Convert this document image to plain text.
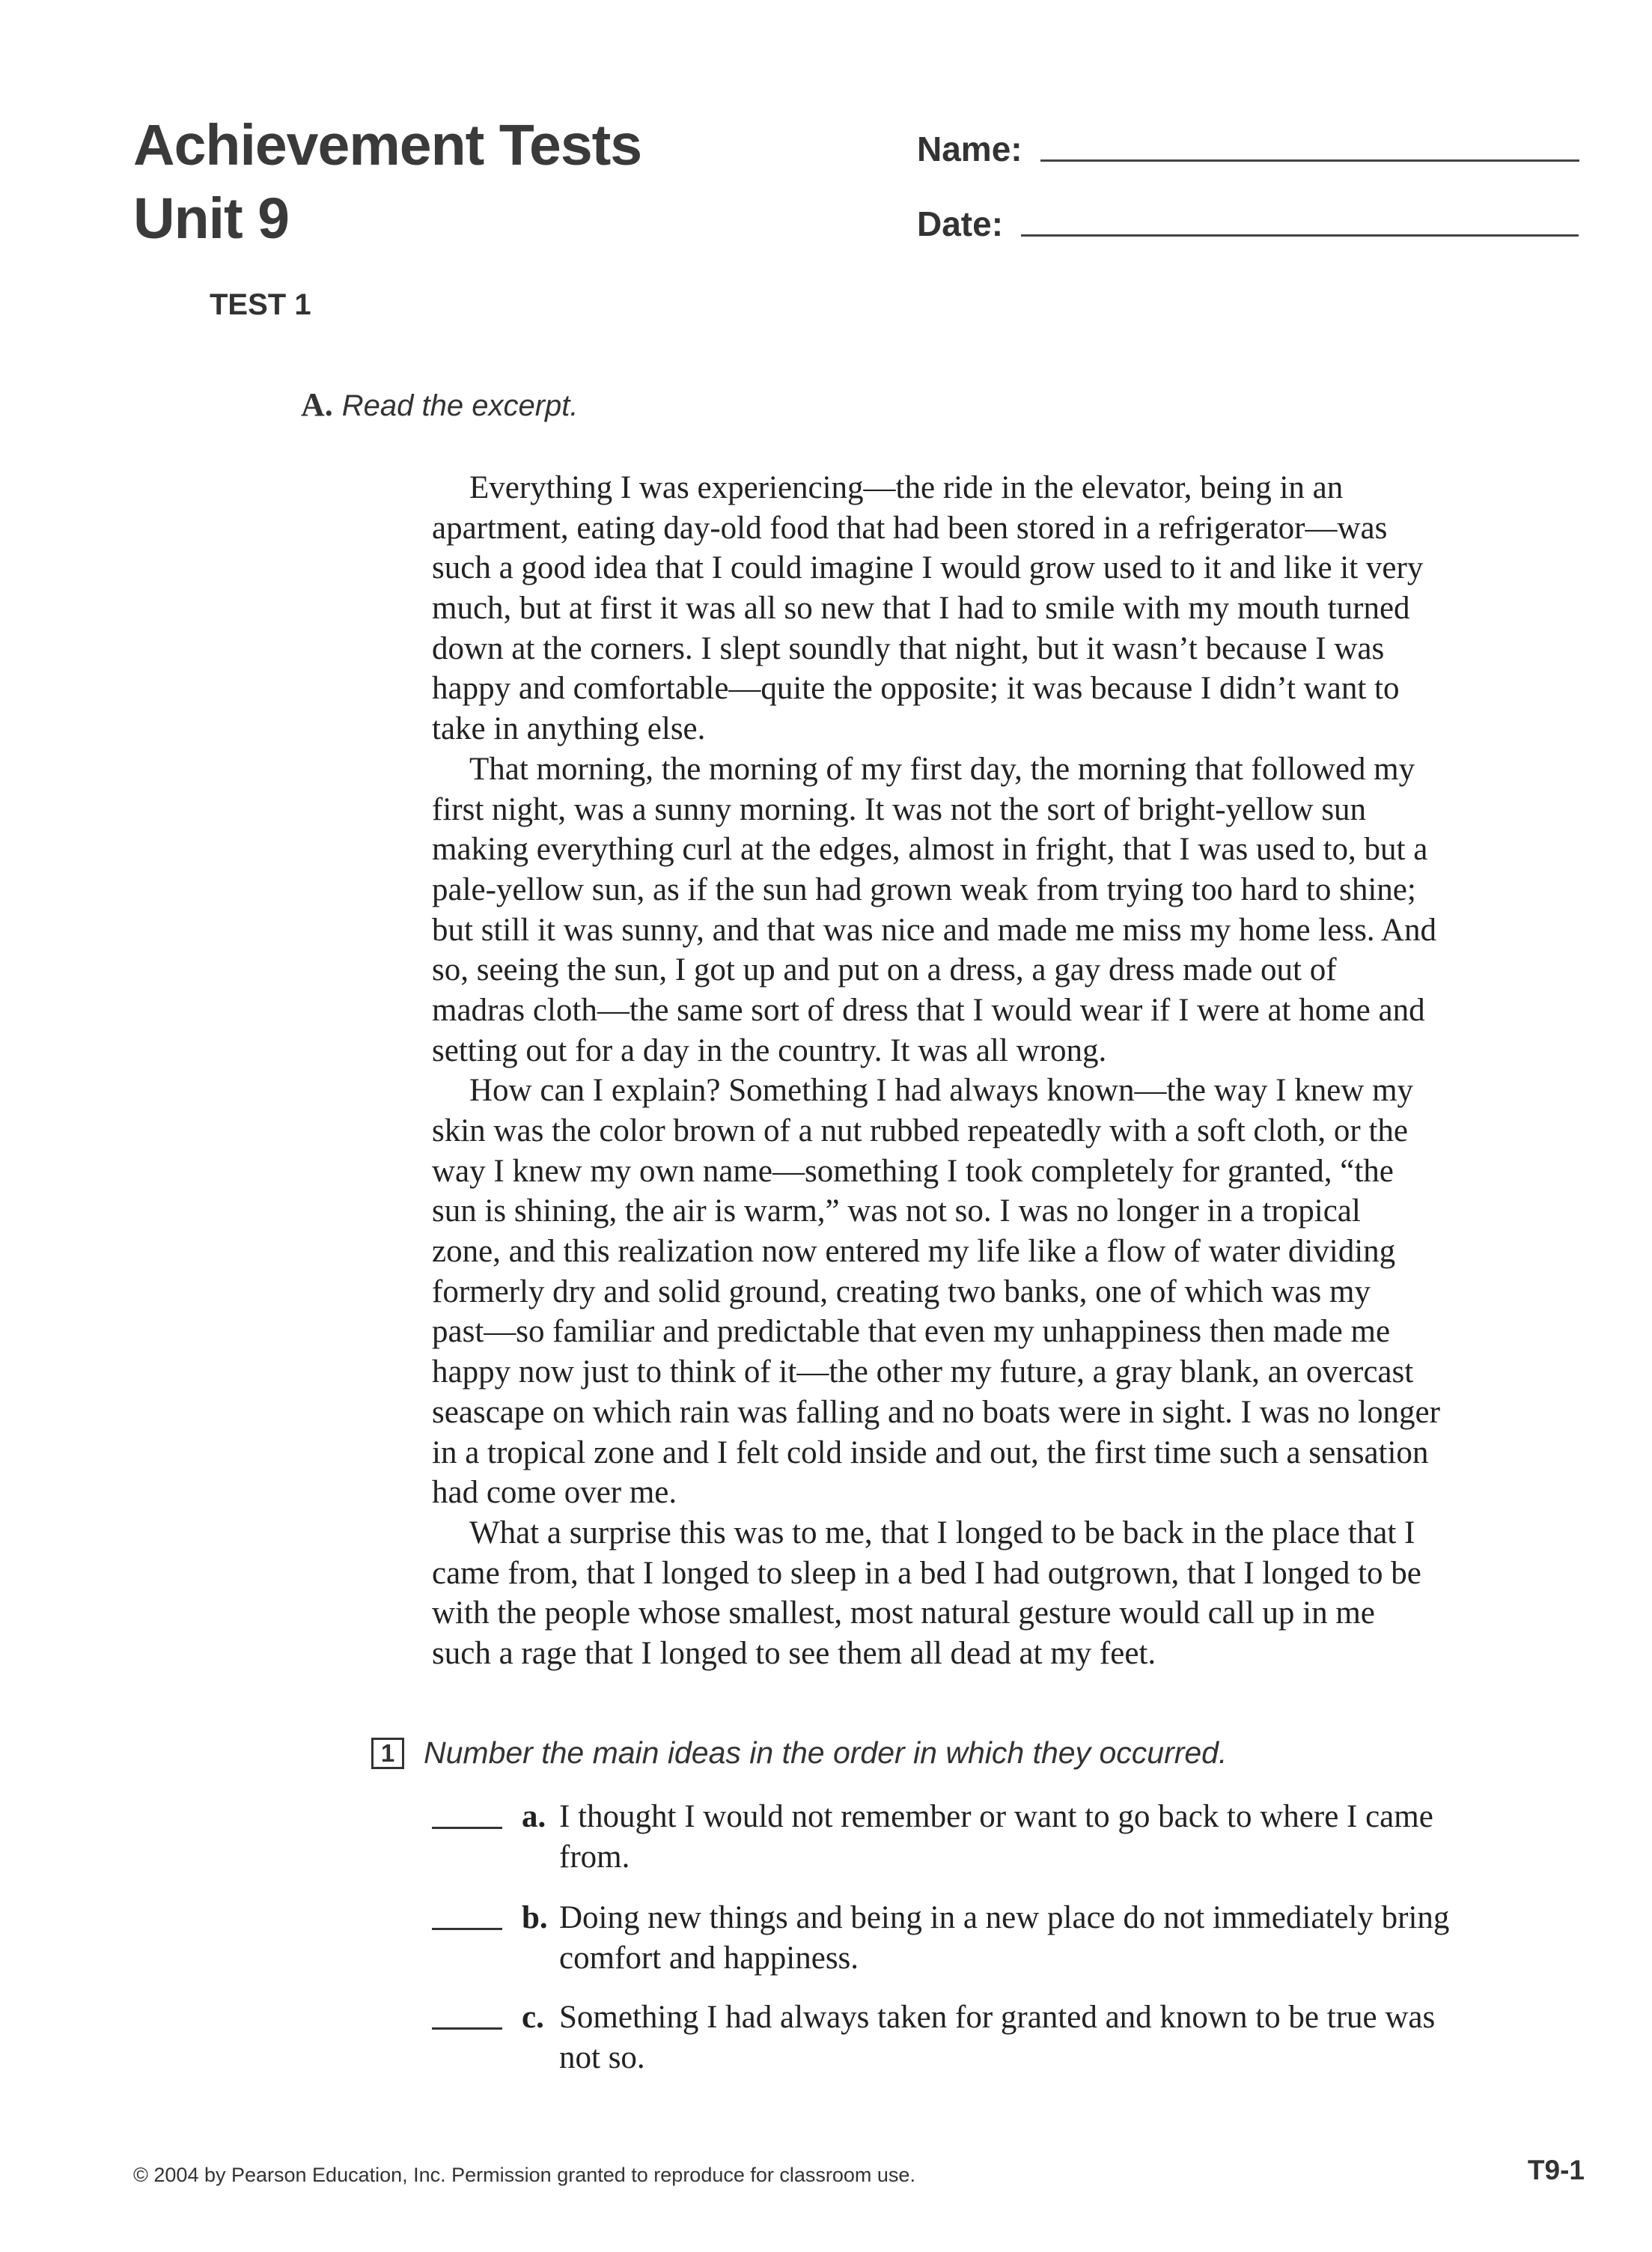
Achievement Tests
Unit 9
Name:
Date:
TEST 1
A. Read the excerpt.
Everything I was experiencing—the ride in the elevator, being in an
apartment, eating day-old food that had been stored in a refrigerator—was
such a good idea that I could imagine I would grow used to it and like it very
much, but at first it was all so new that I had to smile with my mouth turned
down at the corners. I slept soundly that night, but it wasn’t because I was
happy and comfortable—quite the opposite; it was because I didn’t want to
take in anything else.
That morning, the morning of my first day, the morning that followed my
first night, was a sunny morning. It was not the sort of bright-yellow sun
making everything curl at the edges, almost in fright, that I was used to, but a
pale-yellow sun, as if the sun had grown weak from trying too hard to shine;
but still it was sunny, and that was nice and made me miss my home less. And
so, seeing the sun, I got up and put on a dress, a gay dress made out of
madras cloth—the same sort of dress that I would wear if I were at home and
setting out for a day in the country. It was all wrong.
How can I explain? Something I had always known—the way I knew my
skin was the color brown of a nut rubbed repeatedly with a soft cloth, or the
way I knew my own name—something I took completely for granted, “the
sun is shining, the air is warm,” was not so. I was no longer in a tropical
zone, and this realization now entered my life like a flow of water dividing
formerly dry and solid ground, creating two banks, one of which was my
past—so familiar and predictable that even my unhappiness then made me
happy now just to think of it—the other my future, a gray blank, an overcast
seascape on which rain was falling and no boats were in sight. I was no longer
in a tropical zone and I felt cold inside and out, the first time such a sensation
had come over me.
What a surprise this was to me, that I longed to be back in the place that I
came from, that I longed to sleep in a bed I had outgrown, that I longed to be
with the people whose smallest, most natural gesture would call up in me
such a rage that I longed to see them all dead at my feet.
1 Number the main ideas in the order in which they occurred.
a. I thought I would not remember or want to go back to where I came
from.
b. Doing new things and being in a new place do not immediately bring
comfort and happiness.
c. Something I had always taken for granted and known to be true was
not so.
© 2004 by Pearson Education, Inc. Permission granted to reproduce for classroom use.	T9-1
